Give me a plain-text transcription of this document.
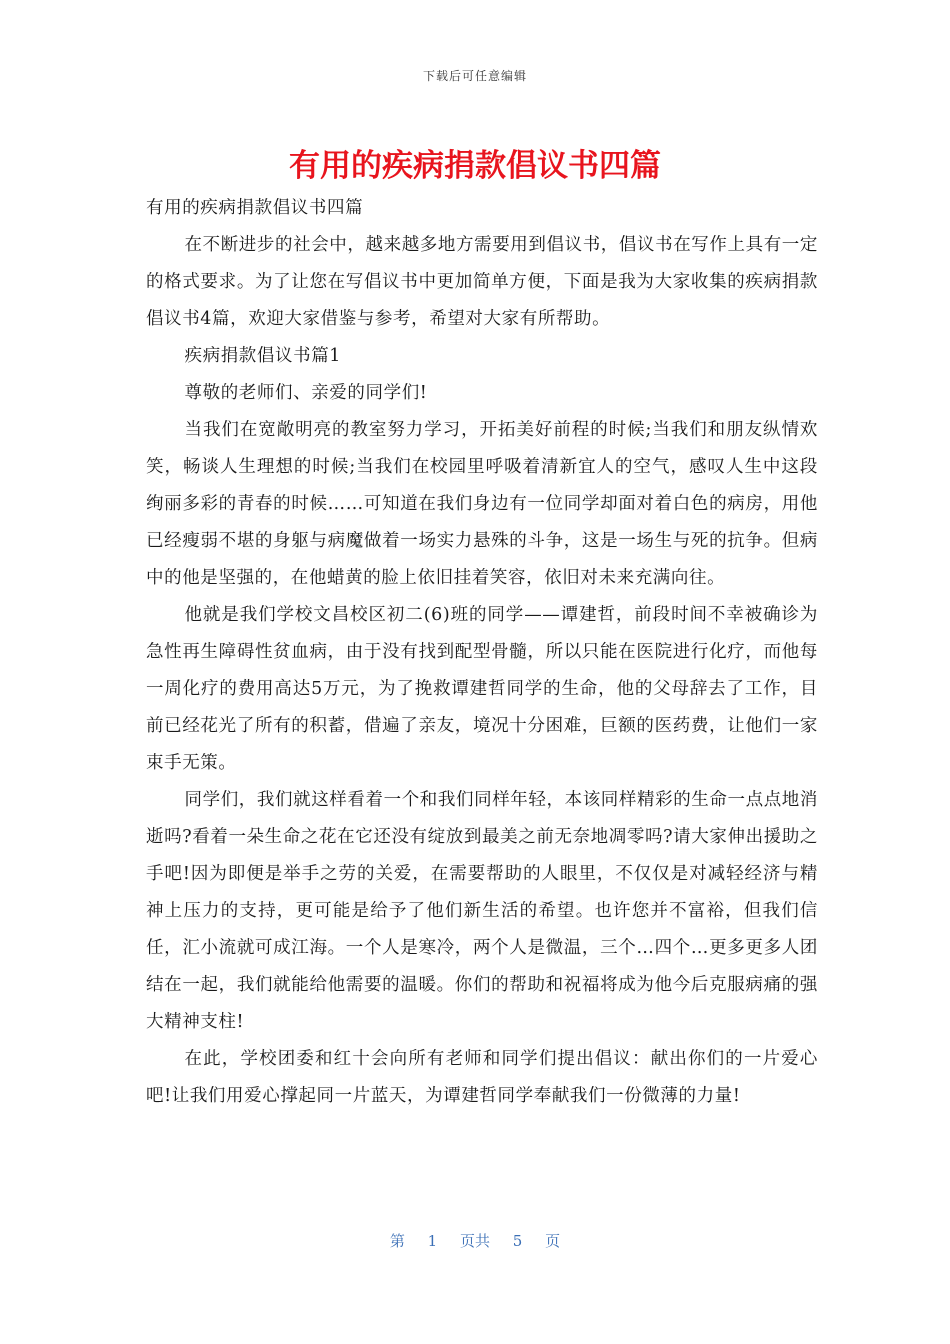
下载后可任意编辑
有用的疾病捐款倡议书四篇

有用的疾病捐款倡议书四篇

在不断进步的社会中，越来越多地方需要用到倡议书，倡议书在写作上具有一定的格式要求。为了让您在写倡议书中更加简单方便，下面是我为大家收集的疾病捐款倡议书4篇，欢迎大家借鉴与参考，希望对大家有所帮助。

疾病捐款倡议书篇1

尊敬的老师们、亲爱的同学们!

当我们在宽敞明亮的教室努力学习，开拓美好前程的时候;当我们和朋友纵情欢笑，畅谈人生理想的时候;当我们在校园里呼吸着清新宜人的空气，感叹人生中这段绚丽多彩的青春的时候……可知道在我们身边有一位同学却面对着白色的病房，用他已经瘦弱不堪的身躯与病魔做着一场实力悬殊的斗争，这是一场生与死的抗争。但病中的他是坚强的，在他蜡黄的脸上依旧挂着笑容，依旧对未来充满向往。

他就是我们学校文昌校区初二(6)班的同学——谭建哲，前段时间不幸被确诊为急性再生障碍性贫血病，由于没有找到配型骨髓，所以只能在医院进行化疗，而他每一周化疗的费用高达5万元，为了挽救谭建哲同学的生命，他的父母辞去了工作，目前已经花光了所有的积蓄，借遍了亲友，境况十分困难，巨额的医药费，让他们一家束手无策。

同学们，我们就这样看着一个和我们同样年轻，本该同样精彩的生命一点点地消逝吗?看着一朵生命之花在它还没有绽放到最美之前无奈地凋零吗?请大家伸出援助之手吧!因为即便是举手之劳的关爱，在需要帮助的人眼里，不仅仅是对减轻经济与精神上压力的支持，更可能是给予了他们新生活的希望。也许您并不富裕，但我们信任，汇小流就可成江海。一个人是寒冷，两个人是微温，三个…四个…更多更多人团结在一起，我们就能给他需要的温暖。你们的帮助和祝福将成为他今后克服病痛的强大精神支柱!

在此，学校团委和红十会向所有老师和同学们提出倡议：献出你们的一片爱心吧!让我们用爱心撑起同一片蓝天，为谭建哲同学奉献我们一份微薄的力量!

第 1 页共 5 页
